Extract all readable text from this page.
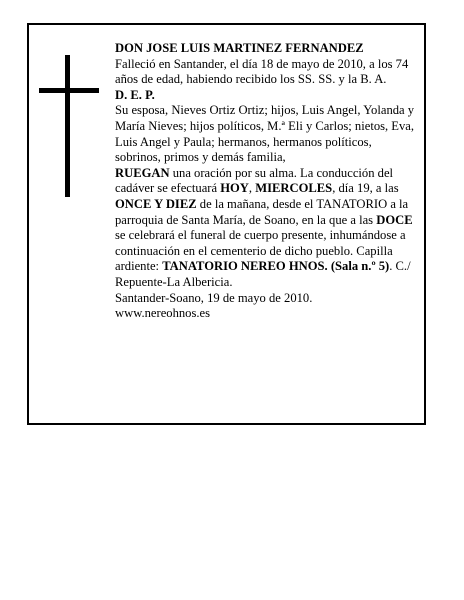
DON JOSE LUIS MARTINEZ FERNANDEZ

Falleció en Santander, el día 18 de mayo de 2010, a los 74 años de edad, habiendo recibido los SS. SS. y la B. A.

D. E. P.

Su esposa, Nieves Ortiz Ortiz; hijos, Luis Angel, Yolanda y María Nieves; hijos políticos, M.ª Eli y Carlos; nietos, Eva, Luis Angel y Paula; hermanos, hermanos políticos, sobrinos, primos y demás familia,

RUEGAN una oración por su alma. La conducción del cadáver se efectuará HOY, MIERCOLES, día 19, a las ONCE Y DIEZ de la mañana, desde el TANATORIO a la parroquia de Santa María, de Soano, en la que a las DOCE se celebrará el funeral de cuerpo presente, inhumándose a continuación en el cementerio de dicho pueblo. Capilla ardiente: TANATORIO NEREO HNOS. (Sala n.º 5). C./ Repuente-La Albericia.

Santander-Soano, 19 de mayo de 2010.

www.nereohnos.es
